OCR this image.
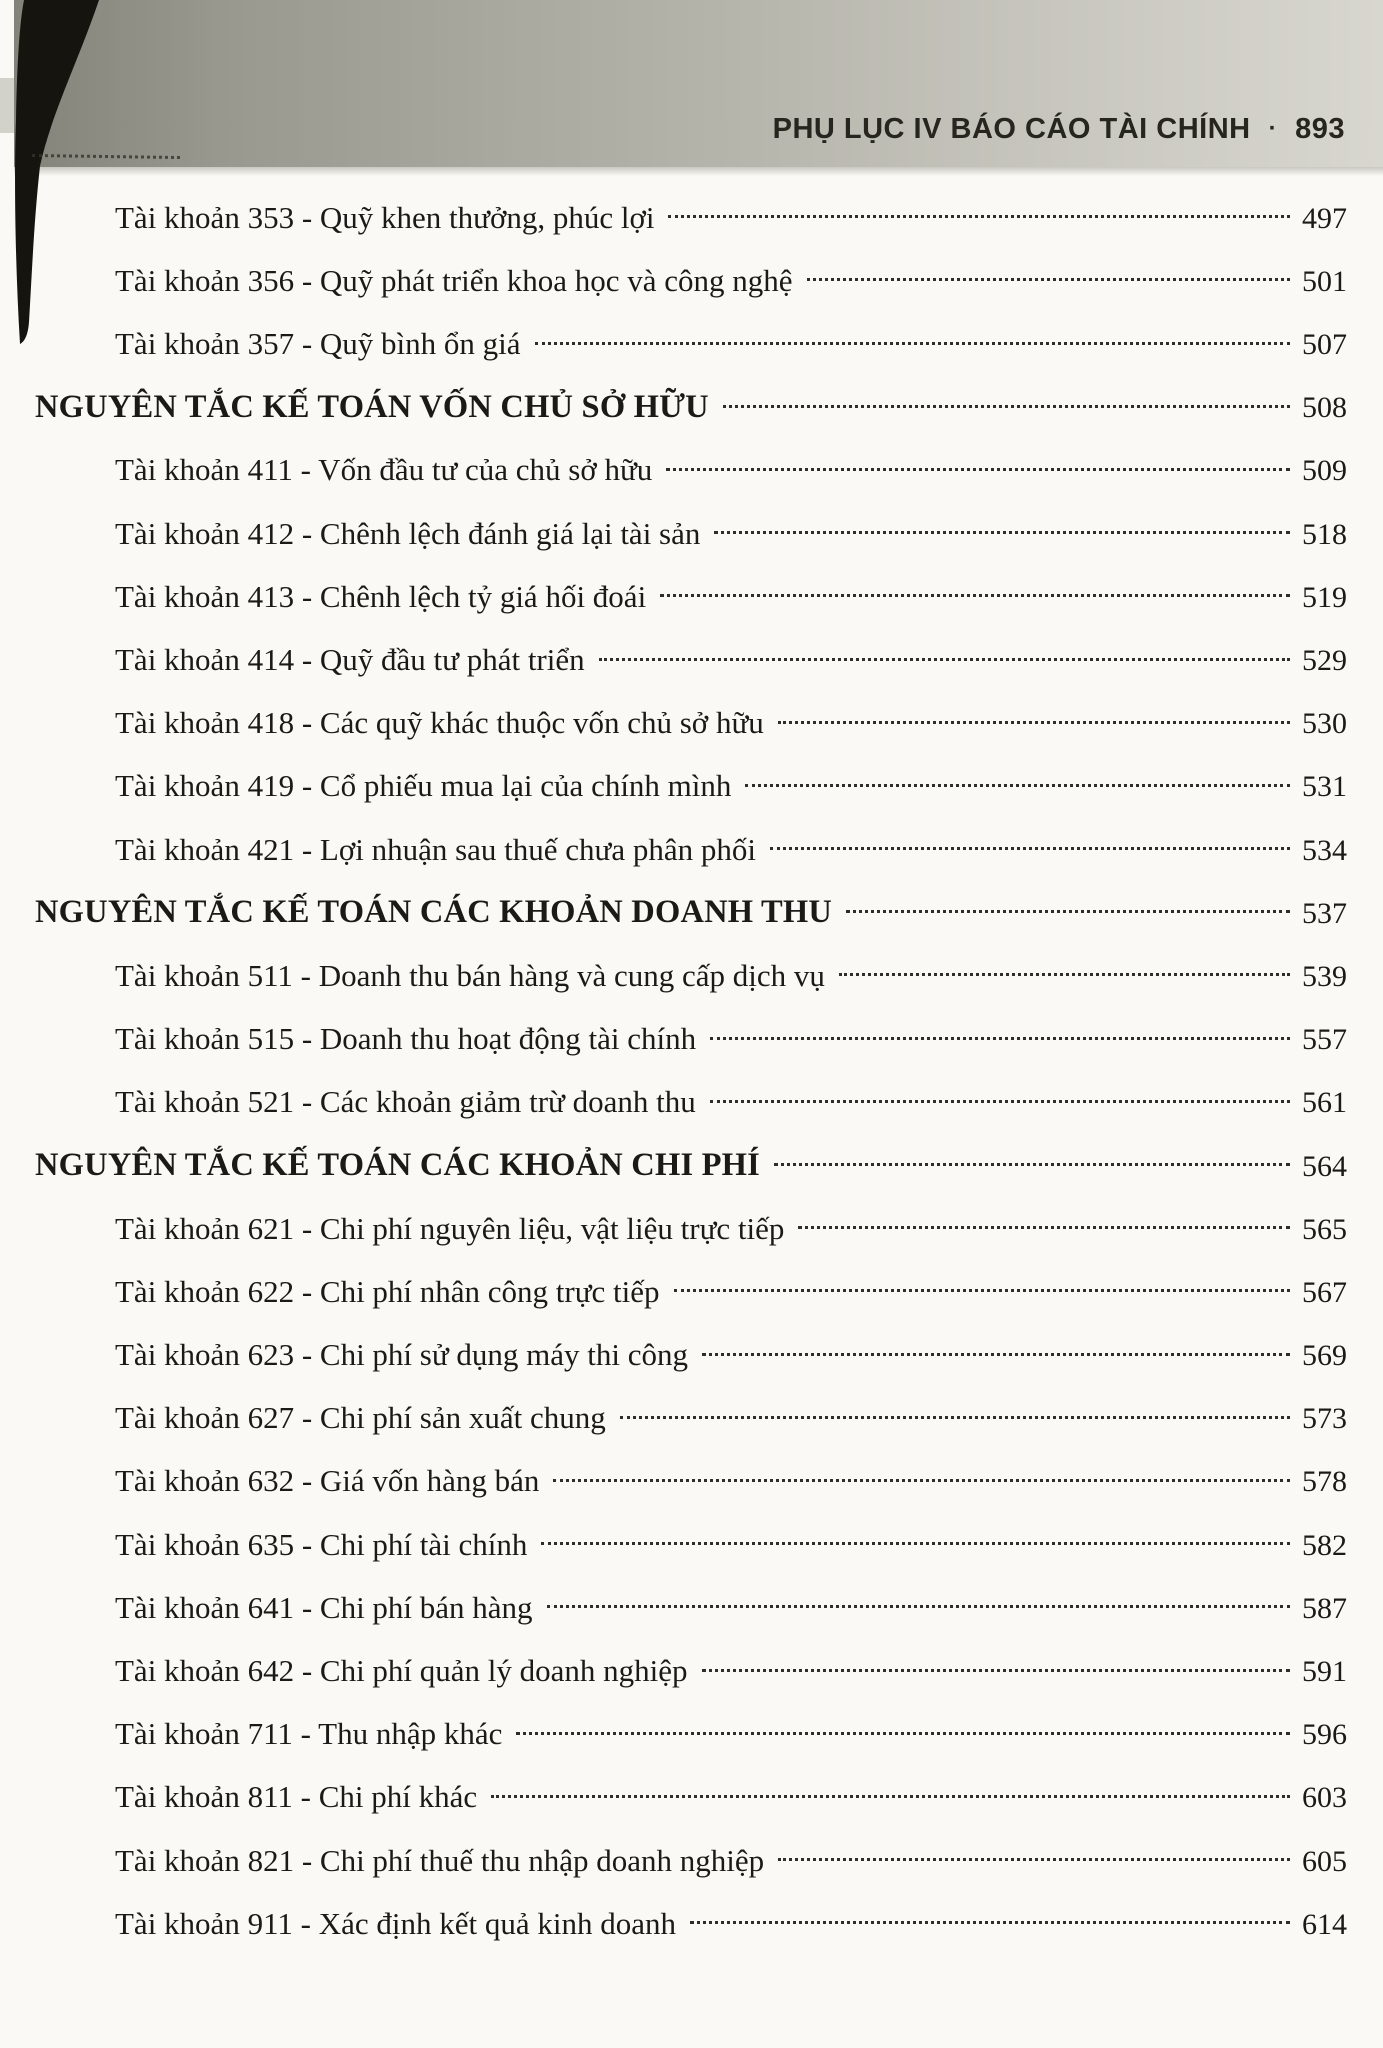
PHỤ LỤC IV BÁO CÁO TÀI CHÍNH · 893
Tài khoản 353 - Quỹ khen thưởng, phúc lợi	497
Tài khoản 356 - Quỹ phát triển khoa học và công nghệ	501
Tài khoản 357 - Quỹ bình ổn giá	507
NGUYÊN TẮC KẾ TOÁN VỐN CHỦ SỞ HỮU	508
Tài khoản 411 - Vốn đầu tư của chủ sở hữu	509
Tài khoản 412 - Chênh lệch đánh giá lại tài sản	518
Tài khoản 413 - Chênh lệch tỷ giá hối đoái	519
Tài khoản 414 - Quỹ đầu tư phát triển	529
Tài khoản 418 - Các quỹ khác thuộc vốn chủ sở hữu	530
Tài khoản 419 - Cổ phiếu mua lại của chính mình	531
Tài khoản 421 - Lợi nhuận sau thuế chưa phân phối	534
NGUYÊN TẮC KẾ TOÁN CÁC KHOẢN DOANH THU	537
Tài khoản 511 - Doanh thu bán hàng và cung cấp dịch vụ	539
Tài khoản 515 - Doanh thu hoạt động tài chính	557
Tài khoản 521 - Các khoản giảm trừ doanh thu	561
NGUYÊN TẮC KẾ TOÁN CÁC KHOẢN CHI PHÍ	564
Tài khoản 621 - Chi phí nguyên liệu, vật liệu trực tiếp	565
Tài khoản 622 - Chi phí nhân công trực tiếp	567
Tài khoản 623 - Chi phí sử dụng máy thi công	569
Tài khoản 627 - Chi phí sản xuất chung	573
Tài khoản 632 - Giá vốn hàng bán	578
Tài khoản 635 - Chi phí tài chính	582
Tài khoản 641 - Chi phí bán hàng	587
Tài khoản 642 - Chi phí quản lý doanh nghiệp	591
Tài khoản 711 - Thu nhập khác	596
Tài khoản 811 - Chi phí khác	603
Tài khoản 821 - Chi phí thuế thu nhập doanh nghiệp	605
Tài khoản 911 - Xác định kết quả kinh doanh	614
